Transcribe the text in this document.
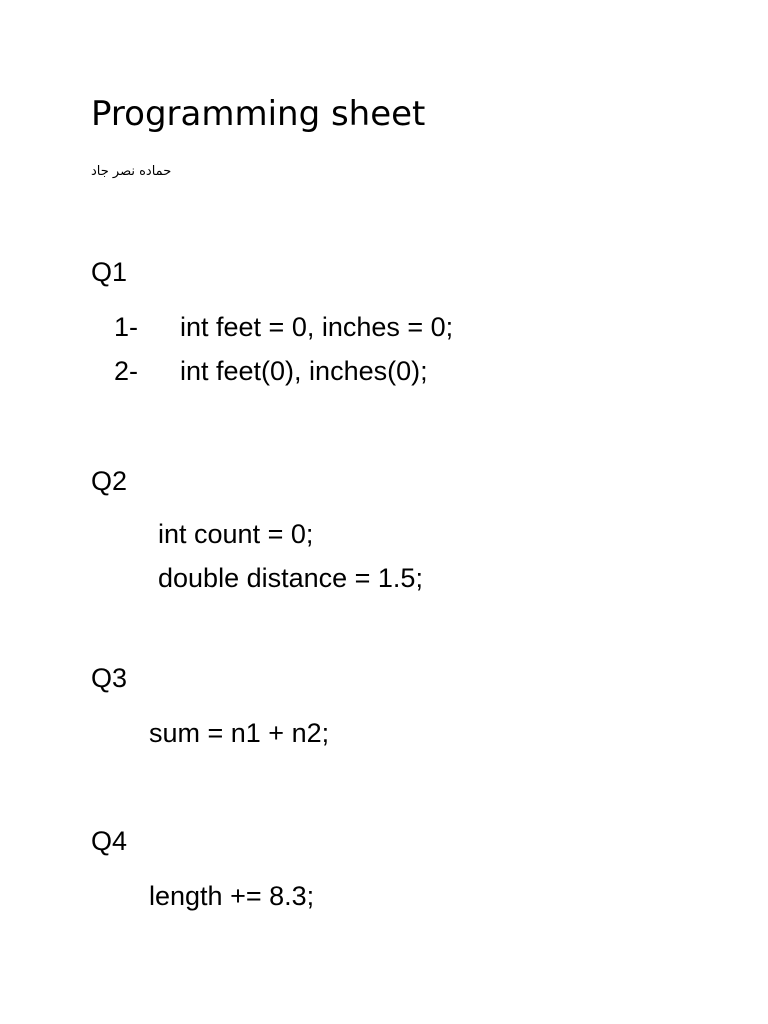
Programming sheet
حماده نصر جاد
Q1
1- int feet = 0, inches = 0;
2- int feet(0), inches(0);
Q2
int count = 0;
double distance = 1.5;
Q3
sum = n1 + n2;
Q4
length += 8.3;
